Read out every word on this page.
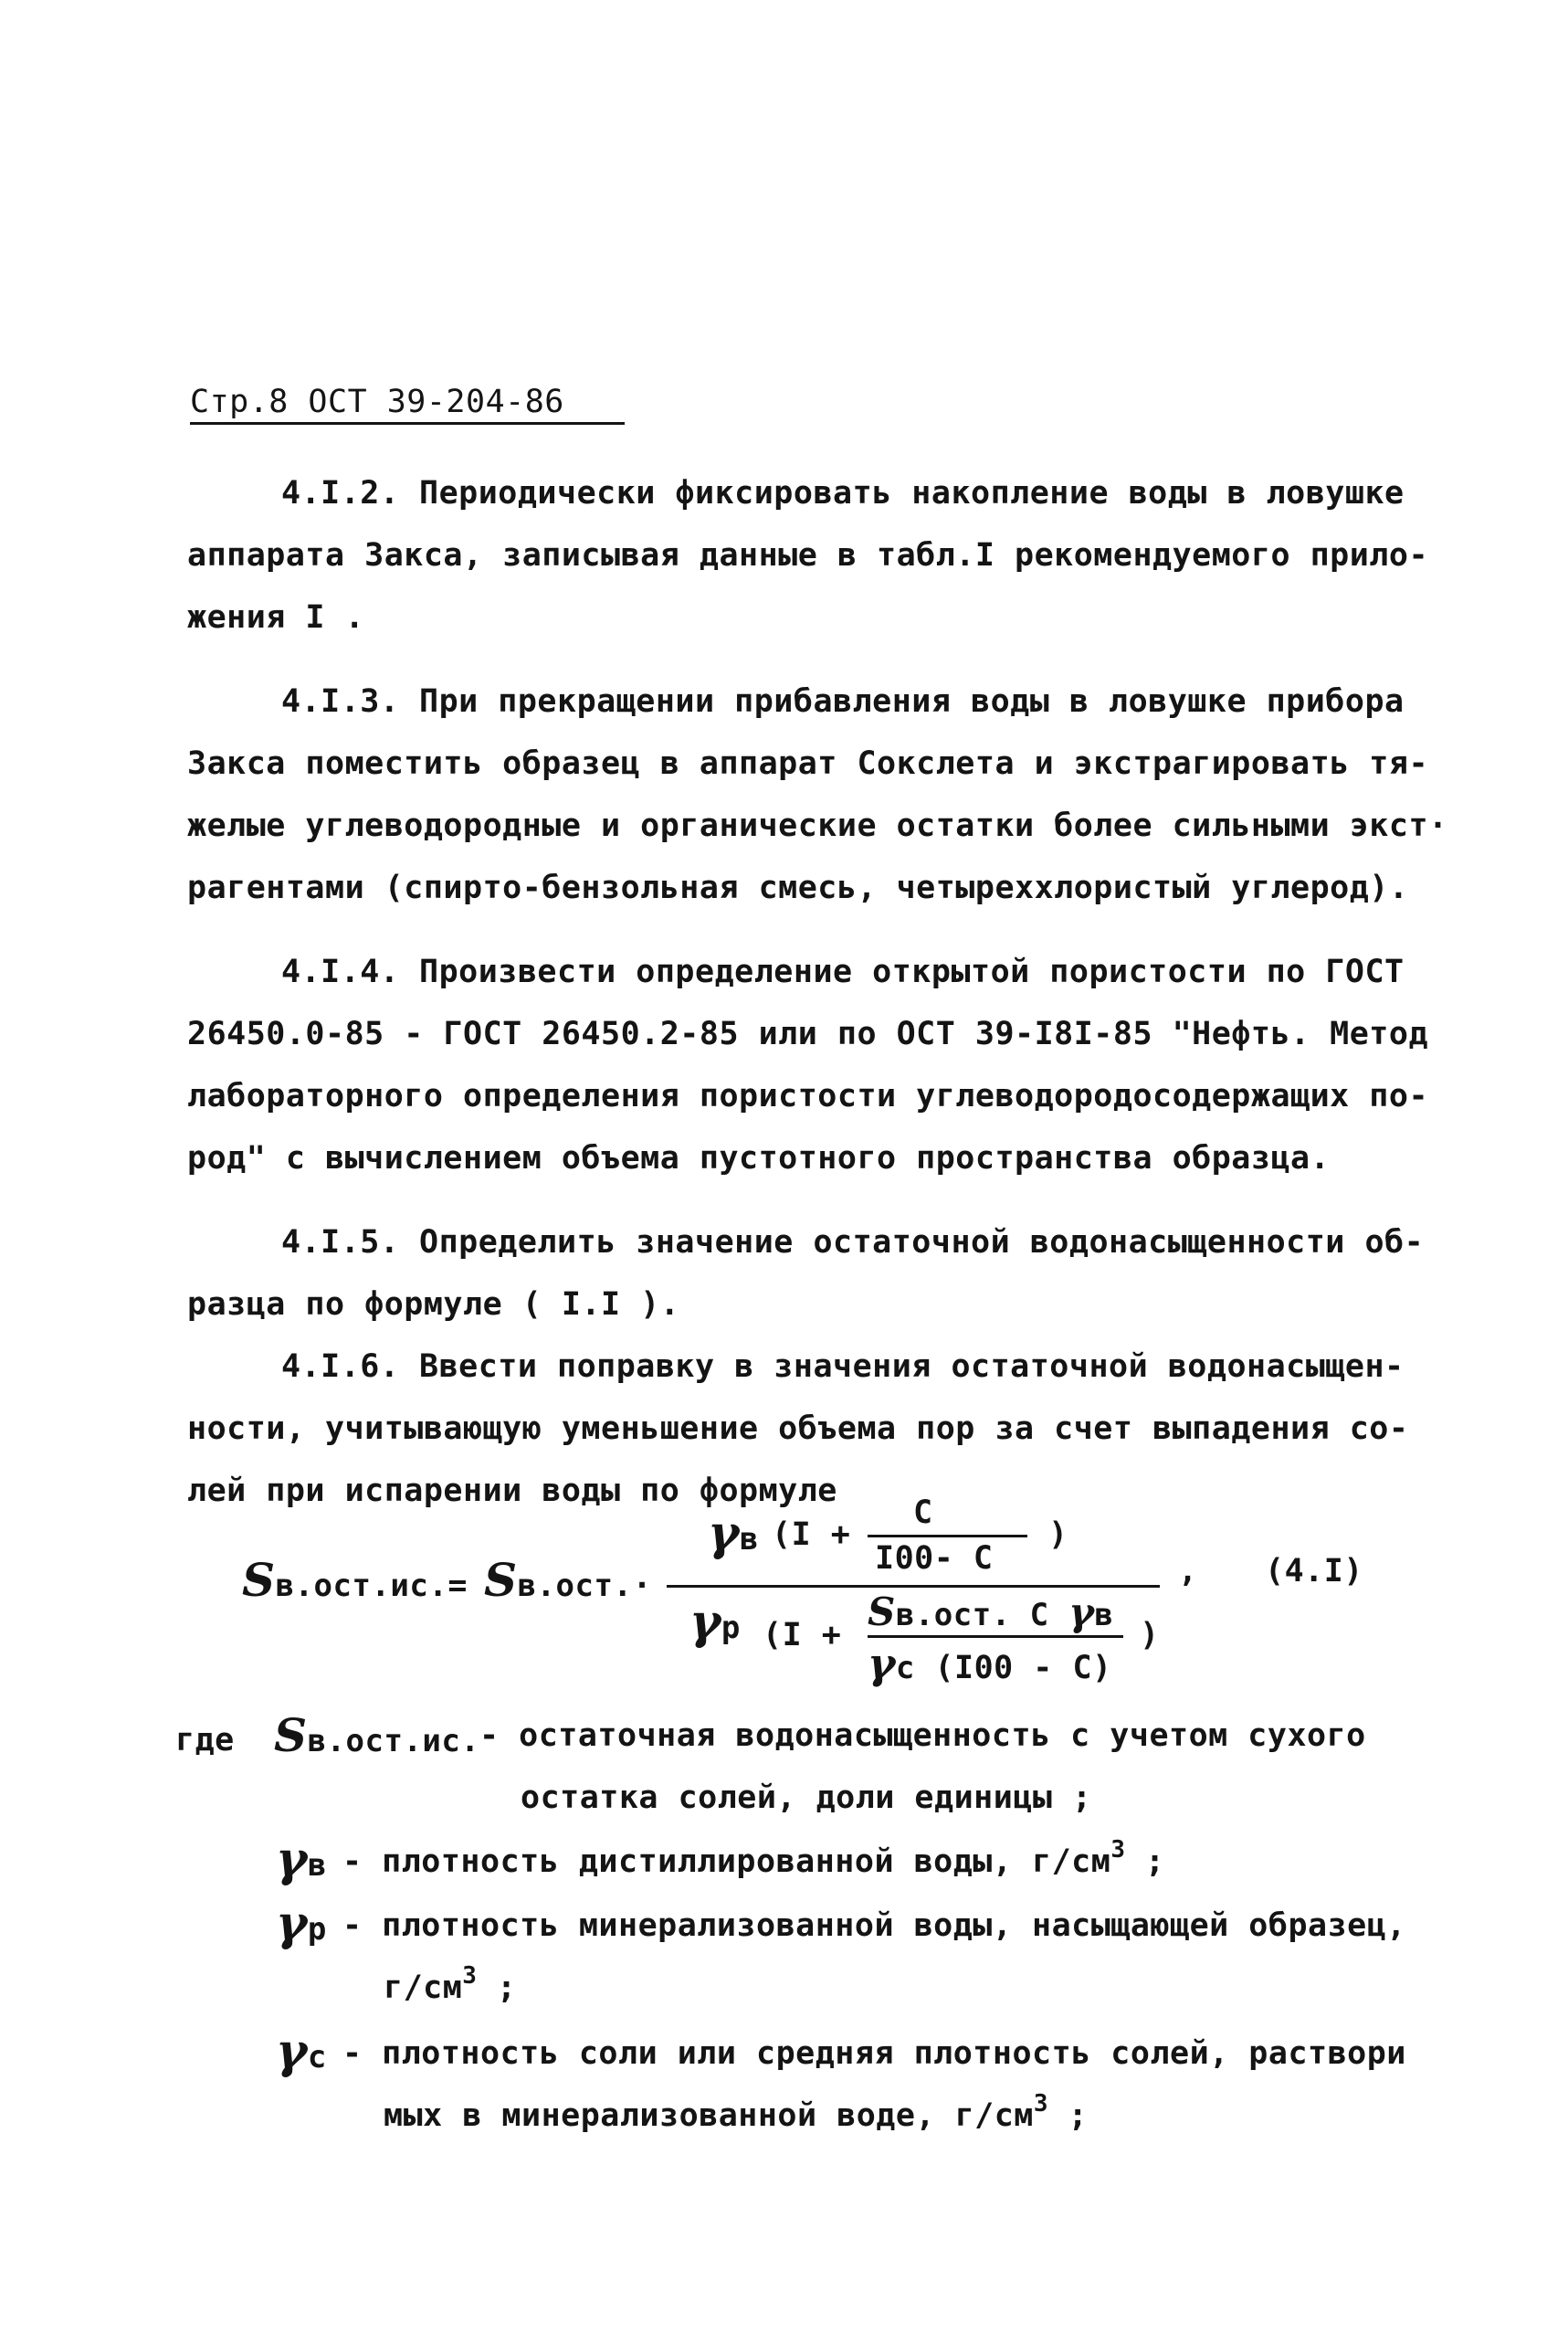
Стр.8 ОСТ 39-204-86
4.I.2. Периодически фиксировать накопление воды в ловушке
аппарата Закса, записывая данные в табл.I рекомендуемого прило-
жения I .
4.I.3. При прекращении прибавления воды в ловушке прибора
Закса поместить образец в аппарат Сокслета и экстрагировать тя-
желые углеводородные и органические остатки более сильными экст·
рагентами (спирто-бензольная смесь, четыреххлористый углерод).
4.I.4. Произвести определение открытой пористости по ГОСТ
26450.0-85 - ГОСТ 26450.2-85 или по ОСТ 39-I8I-85 "Нефть. Метод
лабораторного определения пористости углеводородосодержащих по-
род" с вычислением объема пустотного пространства образца.
4.I.5. Определить значение остаточной водонасыщенности об-
разца по формуле ( I.I ).
4.I.6. Ввести поправку в значения остаточной водонасыщен-
ности, учитывающую уменьшение объема пор за счет выпадения со-
лей при испарении воды по формуле
Sв.ост.ис.= Sв.ост.·
γв (I +
C
I00- C
)
γр (I +
Sв.ост. C γв
γс (I00 - C)
)
, (4.I)
где Sв.ост.ис. - остаточная водонасыщенность с учетом сухого
остатка солей, доли единицы ;
γв - плотность дистиллированной воды, $г/см^3$ ;
γр - плотность минерализованной воды, насыщающей образец,
$г/см^3$ ;
γс - плотность соли или средняя плотность солей, раствори
мых в минерализованной воде, $г/см^3$ ;
